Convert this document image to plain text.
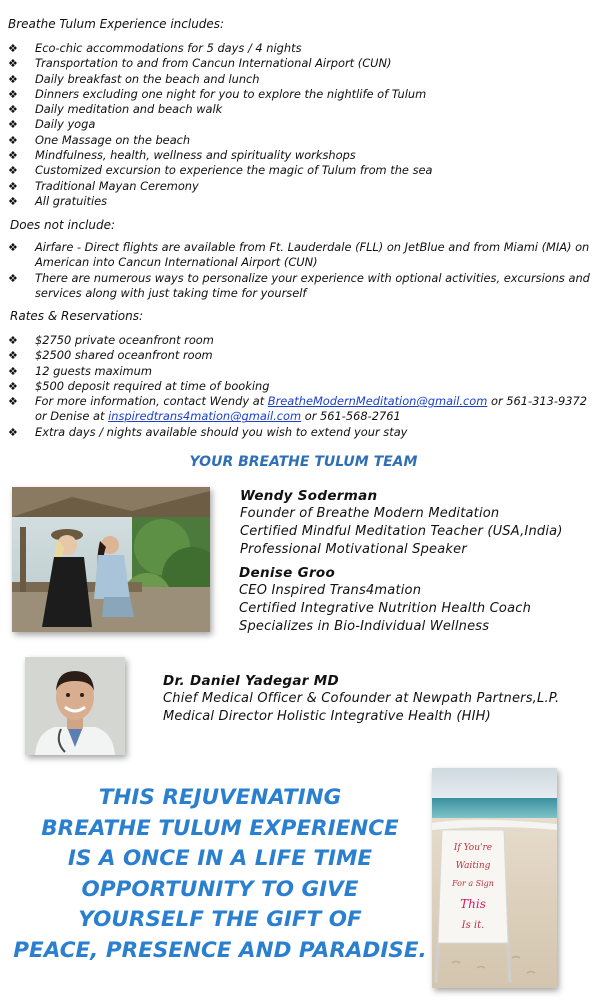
Breathe Tulum Experience includes:

❖ Eco-chic accommodations for 5 days / 4 nights
❖ Transportation to and from Cancun International Airport (CUN)
❖ Daily breakfast on the beach and lunch
❖ Dinners excluding one night for you to explore the nightlife of Tulum
❖ Daily meditation and beach walk
❖ Daily yoga
❖ One Massage on the beach
❖ Mindfulness, health, wellness and spirituality workshops
❖ Customized excursion to experience the magic of Tulum from the sea
❖ Traditional Mayan Ceremony
❖ All gratuities

Does not include:

❖ Airfare - Direct flights are available from Ft. Lauderdale (FLL) on JetBlue and from Miami (MIA) on American into Cancun International Airport (CUN)
❖ There are numerous ways to personalize your experience with optional activities, excursions and services along with just taking time for yourself

Rates & Reservations:

❖ $2750 private oceanfront room
❖ $2500 shared oceanfront room
❖ 12 guests maximum
❖ $500 deposit required at time of booking
❖ For more information, contact Wendy at BreatheModernMeditation@gmail.com or 561-313-9372 or Denise at inspiredtrans4mation@gmail.com or 561-568-2761
❖ Extra days / nights available should you wish to extend your stay

YOUR BREATHE TULUM TEAM

Wendy Soderman
Founder of Breathe Modern Meditation
Certified Mindful Meditation Teacher (USA,India)
Professional Motivational Speaker
Denise Groo
CEO Inspired Trans4mation
Certified Integrative Nutrition Health Coach
Specializes in Bio-Individual Wellness
Dr. Daniel Yadegar MD
Chief Medical Officer & Cofounder at Newpath Partners,L.P.
Medical Director Holistic Integrative Health (HIH)

THIS REJUVENATING
BREATHE TULUM EXPERIENCE
IS A ONCE IN A LIFE TIME
OPPORTUNITY TO GIVE
YOURSELF THE GIFT OF
PEACE, PRESENCE AND PARADISE.

If You're
Waiting
For a Sign
This
Is it.
